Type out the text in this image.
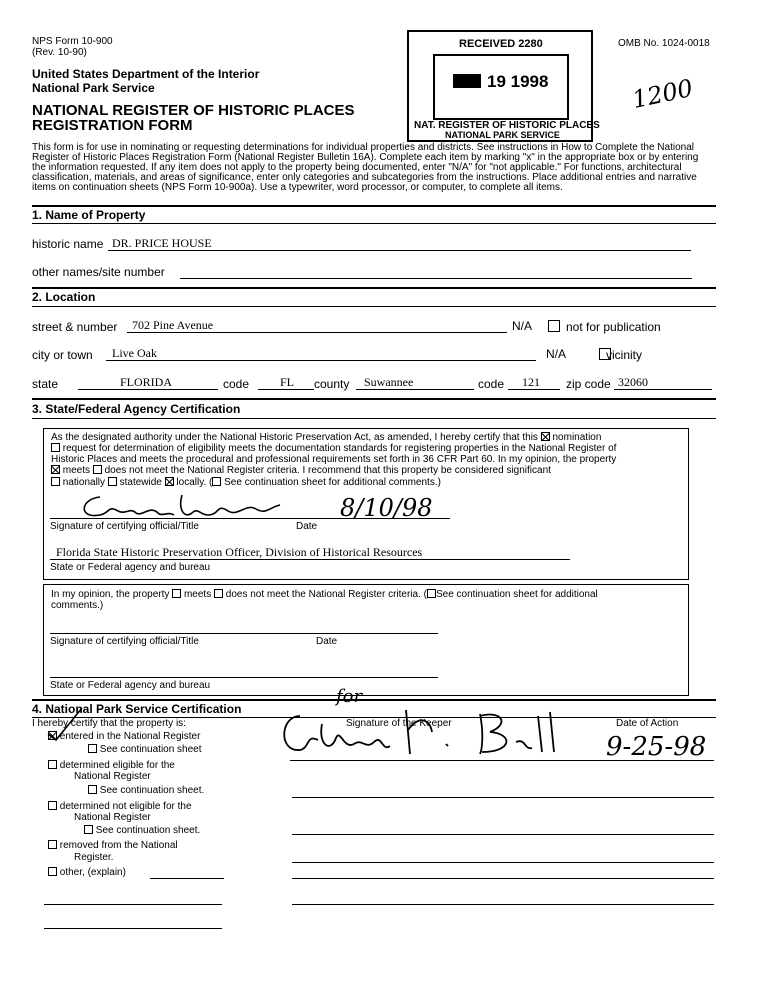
NPS Form 10-900
(Rev. 10-90)
United States Department of the Interior
National Park Service
NATIONAL REGISTER OF HISTORIC PLACES
REGISTRATION FORM
OMB No. 1024-0018
1200
RECEIVED 2280
19 1998
NAT. REGISTER OF HISTORIC PLACES
NATIONAL PARK SERVICE
This form is for use in nominating or requesting determinations for individual properties and districts. See instructions in How to Complete the National
Register of Historic Places Registration Form (National Register Bulletin 16A). Complete each item by marking "x" in the appropriate box or by entering
the information requested. If any item does not apply to the property being documented, enter "N/A" for "not applicable." For functions, architectural
classification, materials, and areas of significance, enter only categories and subcategories from the instructions. Place additional entries and narrative
items on continuation sheets (NPS Form 10-900a). Use a typewriter, word processor, or computer, to complete all items.
1. Name of Property
historic name DR. PRICE HOUSE
other names/site number
2. Location
street & number 702 Pine Avenue	N/A
	not for publication
city or town Live Oak	N/A	vicinity
state	FLORIDA	code	FL county Suwannee	code 121 zip code 32060
3. State/Federal Agency Certification
As the designated authority under the National Historic Preservation Act, as amended, I hereby certify that this nomination
request for determination of eligibility meets the documentation standards for registering properties in the National Register of
Historic Places and meets the procedural and professional requirements set forth in 36 CFR Part 60. In my opinion, the property
meets does not meet the National Register criteria. I recommend that this property be considered significant
nationally statewide locally. ( See continuation sheet for additional comments.)
8/10/98
Signature of certifying official/Title	Date
Florida State Historic Preservation Officer, Division of Historical Resources
State or Federal agency and bureau
In my opinion, the property meets does not meet the National Register criteria. ( See continuation sheet for additional
comments.)
Signature of certifying official/Title	Date
State or Federal agency and bureau
4. National Park Service Certification
I hereby certify that the property is:	Signature of the Keeper	Date of Action
for
9-25-98
entered in the National Register
See continuation sheet
determined eligible for the
National Register
See continuation sheet.
determined not eligible for the
National Register
See continuation sheet.
removed from the National
Register.
other, (explain)
